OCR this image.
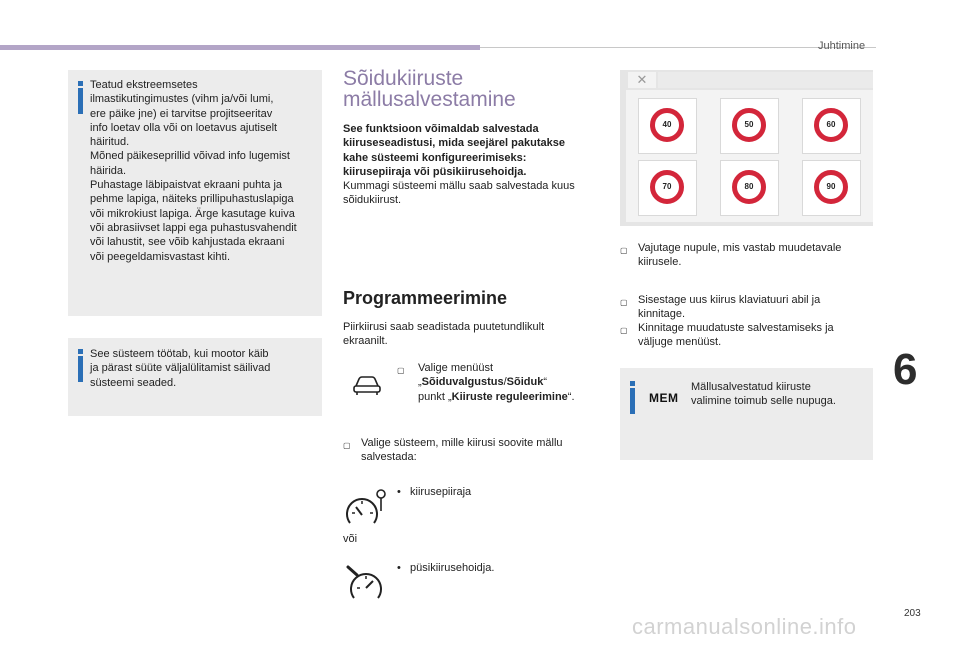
Juhtimine
6
203
carmanualsonline.info
Teatud ekstreemsetes
ilmastikutingimustes (vihm ja/või lumi,
ere päike jne) ei tarvitse projitseeritav
info loetav olla või on loetavus ajutiselt
häiritud.
Mõned päikeseprillid võivad info lugemist
häirida.
Puhastage läbipaistvat ekraani puhta ja
pehme lapiga, näiteks prillipuhastuslapiga
või mikrokiust lapiga. Ärge kasutage kuiva
või abrasiivset lappi ega puhastusvahendit
või lahustit, see võib kahjustada ekraani
või peegeldamisvastast kihti.
See süsteem töötab, kui mootor käib
ja pärast süüte väljalülitamist säilivad
süsteemi seaded.
Sõidukiiruste
mällusalvestamine
See funktsioon võimaldab salvestada
kiiruseseadistusi, mida seejärel pakutakse
kahe süsteemi konfigureerimiseks:
kiirusepiiraja või püsikiirusehoidja.
Kummagi süsteemi mällu saab salvestada kuus
sõidukiirust.
Programmeerimine
Piirkiirusi saab seadistada puutetundlikult
ekraanilt.
▢ Valige menüüst
„Sõiduvalgustus/Sõiduk“
punkt „Kiiruste reguleerimine“.
▢ Valige süsteem, mille kiirusi soovite mällu
salvestada:
• kiirusepiiraja
või
• püsikiirusehoidja.
✕
40	50	60
70	80	90
▢ Vajutage nupule, mis vastab muudetavale
kiirusele.
▢ Sisestage uus kiirus klaviatuuri abil ja
kinnitage.
▢ Kinnitage muudatuste salvestamiseks ja
väljuge menüüst.
Mällusalvestatud kiiruste
valimine toimub selle nupuga.
MEM
